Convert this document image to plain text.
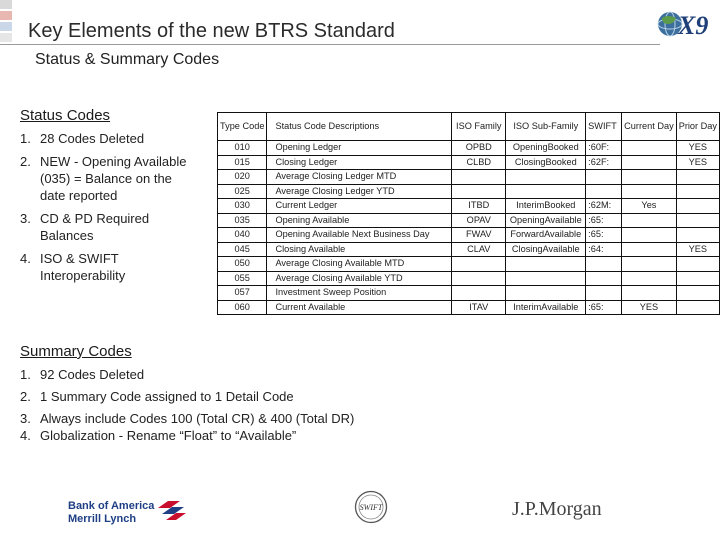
Key Elements of the new BTRS Standard
Status & Summary Codes
X9
Status Codes
1. 28 Codes Deleted
2. NEW - Opening Available (035) = Balance on the date reported
3. CD & PD Required Balances
4. ISO & SWIFT Interoperability
Type Code	Status Code Descriptions	ISO Family	ISO Sub-Family	SWIFT	Current Day	Prior Day
010	Opening Ledger	OPBD	OpeningBooked	:60F:		YES
015	Closing Ledger	CLBD	ClosingBooked	:62F:		YES
020	Average Closing Ledger MTD					
025	Average Closing Ledger YTD					
030	Current Ledger	ITBD	InterimBooked	:62M:	Yes	
035	Opening Available	OPAV	OpeningAvailable	:65:		
040	Opening Available Next Business Day	FWAV	ForwardAvailable	:65:		
045	Closing Available	CLAV	ClosingAvailable	:64:		YES
050	Average Closing Available MTD					
055	Average Closing Available YTD					
057	Investment Sweep Position					
060	Current Available	ITAV	InterimAvailable	:65:	YES	
Summary Codes
1. 92 Codes Deleted
2. 1 Summary Code assigned to 1 Detail Code
3. Always include Codes 100 (Total CR) & 400 (Total DR)
4. Globalization - Rename “Float” to “Available”
Bank of America
Merrill Lynch
SWIFT	J.P.Morgan
